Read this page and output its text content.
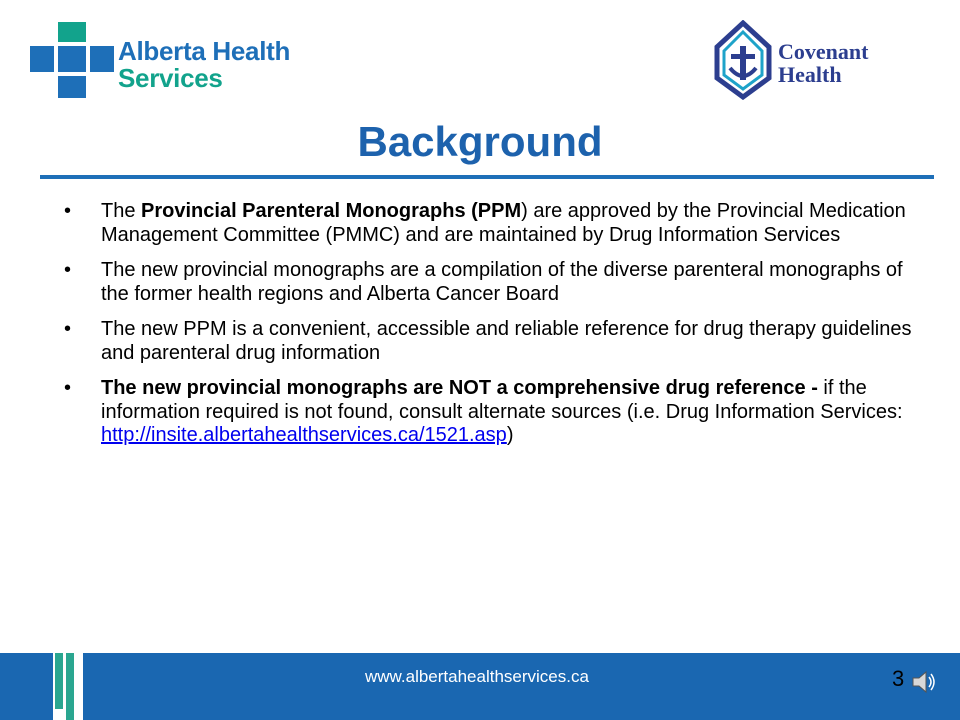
Alberta Health
Services
Covenant
Health
Background
• The Provincial Parenteral Monographs (PPM) are approved by the Provincial Medication Management Committee (PMMC) and are maintained by Drug Information Services
• The new provincial monographs are a compilation of the diverse parenteral monographs of the former health regions and Alberta Cancer Board
• The new PPM is a convenient, accessible and reliable reference for drug therapy guidelines and parenteral drug information
• The new provincial monographs are NOT a comprehensive drug reference - if the information required is not found, consult alternate sources (i.e. Drug Information Services: http://insite.albertahealthservices.ca/1521.asp)
www.albertahealthservices.ca	3
